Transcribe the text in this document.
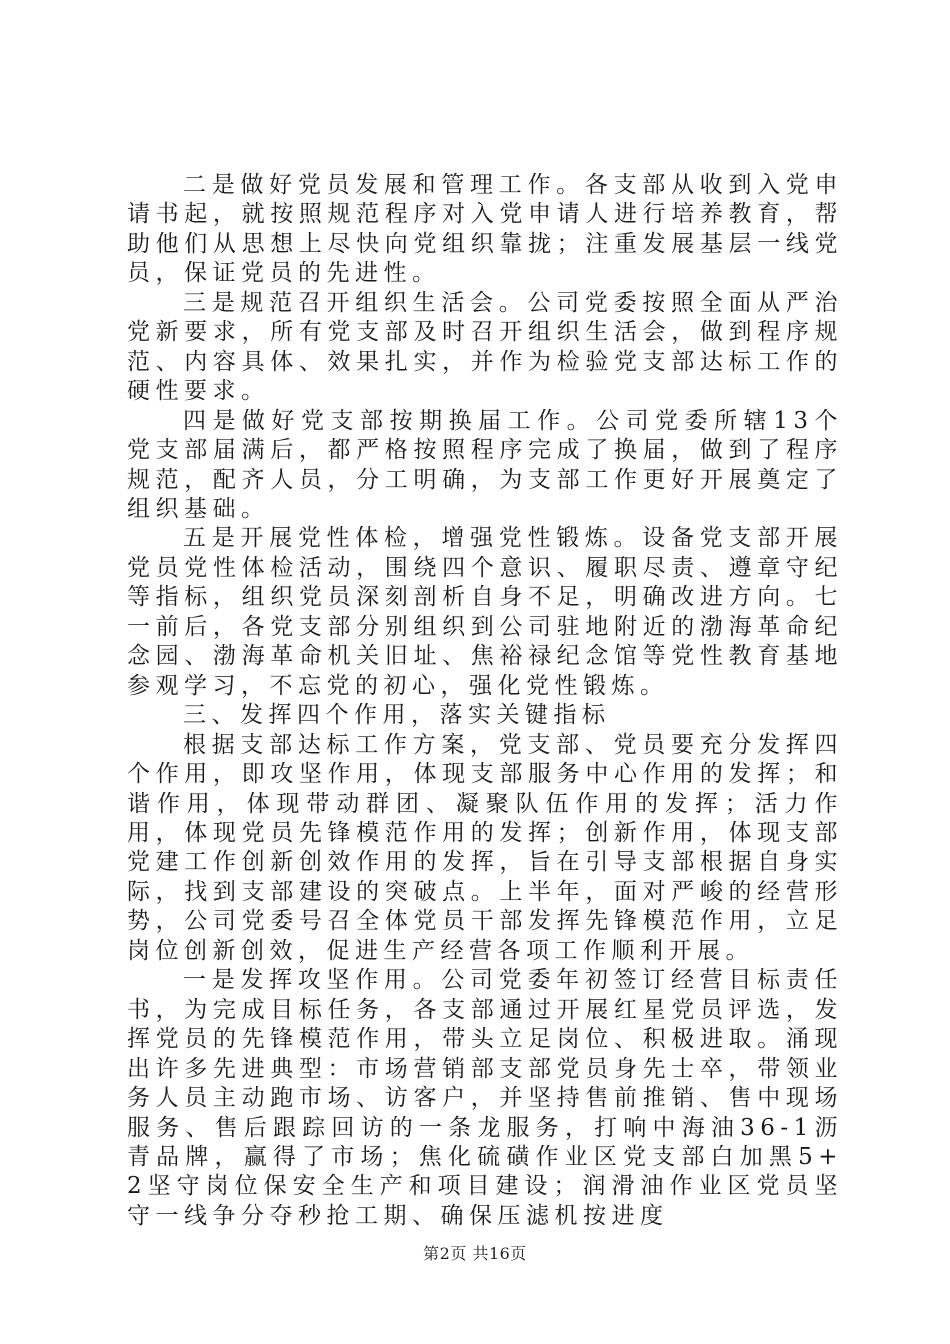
二是做好党员发展和管理工作。各支部从收到入党申请书起，就按照规范程序对入党申请人进行培养教育，帮助他们从思想上尽快向党组织靠拢；注重发展基层一线党员，保证党员的先进性。

三是规范召开组织生活会。公司党委按照全面从严治党新要求，所有党支部及时召开组织生活会，做到程序规范、内容具体、效果扎实，并作为检验党支部达标工作的硬性要求。

四是做好党支部按期换届工作。公司党委所辖13个党支部届满后，都严格按照程序完成了换届，做到了程序规范，配齐人员，分工明确，为支部工作更好开展奠定了组织基础。

五是开展党性体检，增强党性锻炼。设备党支部开展党员党性体检活动，围绕四个意识、履职尽责、遵章守纪等指标，组织党员深刻剖析自身不足，明确改进方向。七一前后，各党支部分别组织到公司驻地附近的渤海革命纪念园、渤海革命机关旧址、焦裕禄纪念馆等党性教育基地参观学习，不忘党的初心，强化党性锻炼。

三、发挥四个作用，落实关键指标

根据支部达标工作方案，党支部、党员要充分发挥四个作用，即攻坚作用，体现支部服务中心作用的发挥；和谐作用，体现带动群团、凝聚队伍作用的发挥；活力作用，体现党员先锋模范作用的发挥；创新作用，体现支部党建工作创新创效作用的发挥，旨在引导支部根据自身实际，找到支部建设的突破点。上半年，面对严峻的经营形势，公司党委号召全体党员干部发挥先锋模范作用，立足岗位创新创效，促进生产经营各项工作顺利开展。

一是发挥攻坚作用。公司党委年初签订经营目标责任书，为完成目标任务，各支部通过开展红星党员评选，发挥党员的先锋模范作用，带头立足岗位、积极进取。涌现出许多先进典型：市场营销部支部党员身先士卒，带领业务人员主动跑市场、访客户，并坚持售前推销、售中现场服务、售后跟踪回访的一条龙服务，打响中海油36-1沥青品牌，赢得了市场；焦化硫磺作业区党支部白加黑5+2坚守岗位保安全生产和项目建设；润滑油作业区党员坚守一线争分夺秒抢工期、确保压滤机按进度

第2页 共16页
